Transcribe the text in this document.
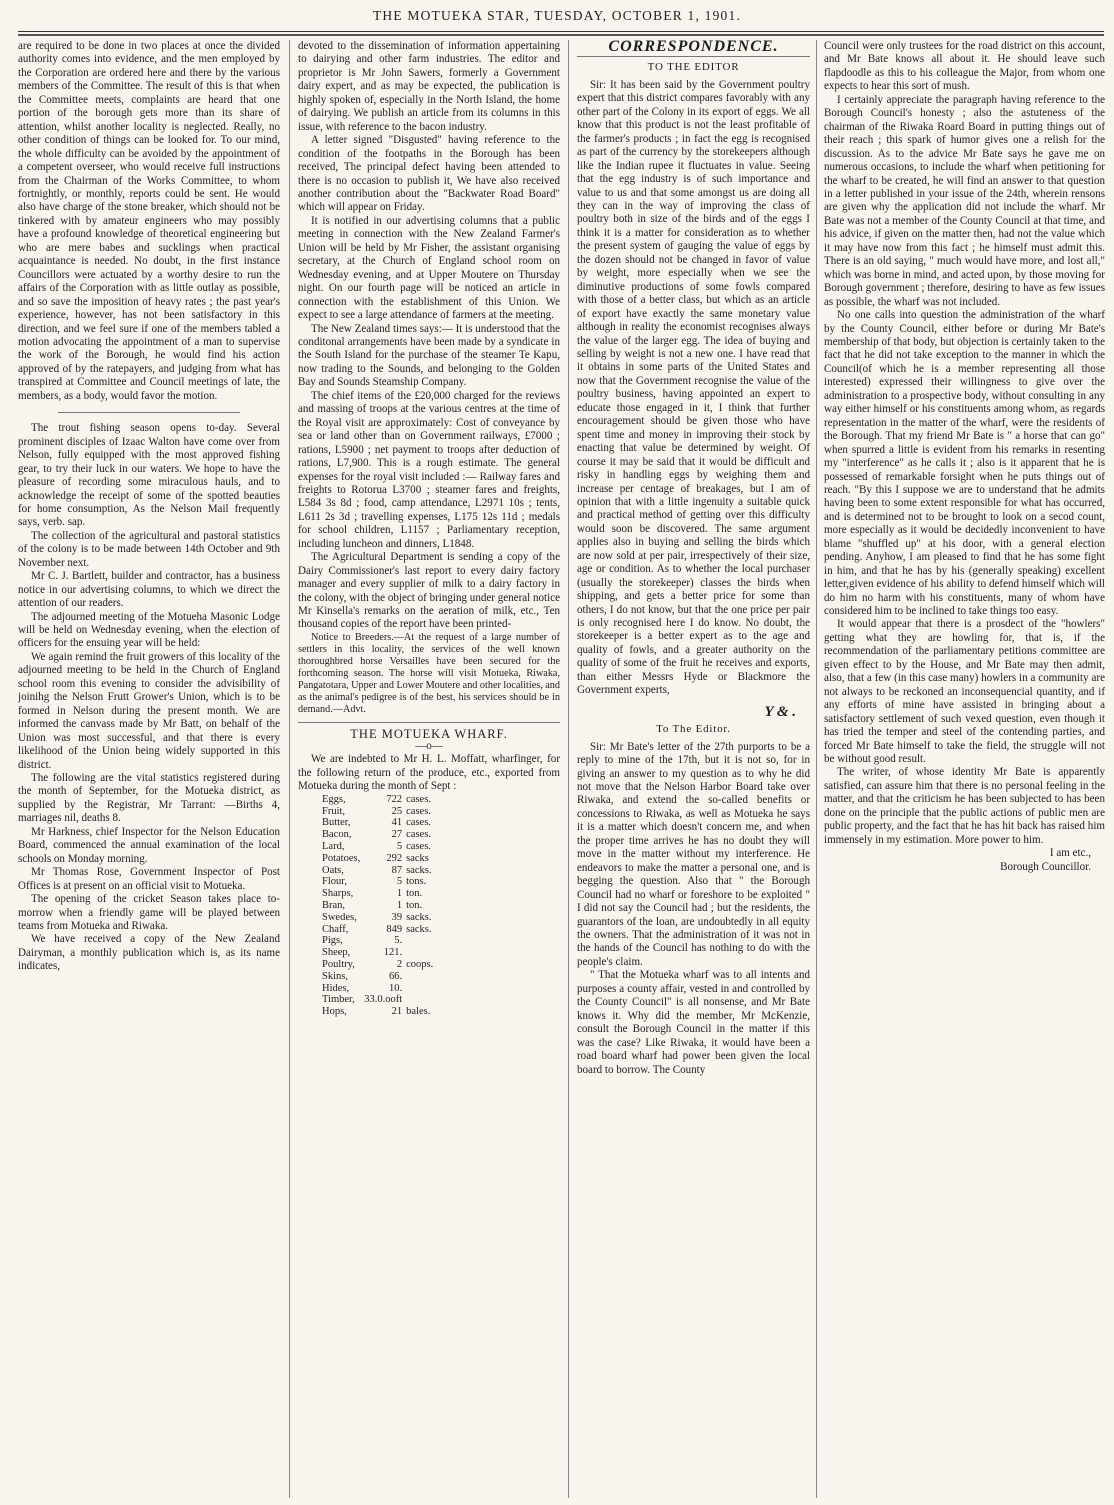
THE MOTUEKA STAR, TUESDAY, OCTOBER 1, 1901.

are required to be done in two places at once the divided authority comes into evidence, and the men employed by the Corporation are ordered here and there by the various members of the Committee. The result of this is that when the Committee meets, complaints are heard that one portion of the borough gets more than its share of attention, whilst another locality is neglected. Really, no other condition of things can be looked for. To our mind, the whole difficulty can be avoided by the appointment of a competent overseer, who would receive full instructions from the Chairman of the Works Committee, to whom fortnightly, or monthly, reports could be sent. He would also have charge of the stone breaker, which should not be tinkered with by amateur engineers who may possibly have a profound knowledge of theoretical engineering but who are mere babes and sucklings when practical acquaintance is needed. No doubt, in the first instance Councillors were actuated by a worthy desire to run the affairs of the Corporation with as little outlay as possible, and so save the imposition of heavy rates ; the past year's experience, however, has not been satisfactory in this direction, and we feel sure if one of the members tabled a motion advocating the appointment of a man to supervise the work of the Borough, he would find his action approved of by the ratepayers, and judging from what has transpired at Committee and Council meetings of late, the members, as a body, would favor the motion.

The trout fishing season opens to-day. Several prominent disciples of Izaac Walton have come over from Nelson, fully equipped with the most approved fishing gear, to try their luck in our waters. We hope to have the pleasure of recording some miraculous hauls, and to acknowledge the receipt of some of the spotted beauties for home consumption, As the Nelson Mail frequently says, verb. sap.

The collection of the agricultural and pastoral statistics of the colony is to be made between 14th October and 9th November next.

Mr C. J. Bartlett, builder and contractor, has a business notice in our advertising columns, to which we direct the attention of our readers.

The adjourned meeting of the Motueha Masonic Lodge will be held on Wednesday evening, when the election of officers for the ensuing year will be held:

We again remind the fruit growers of this locality of the adjourned meeting to be held in the Church of England school room this evening to consider the advisibility of joinihg the Nelson Frutt Grower's Union, which is to be formed in Nelson during the present month. We are informed the canvass made by Mr Batt, on behalf of the Union was most successful, and that there is every likelihood of the Union being widely supported in this district.

The following are the vital statistics registered during the month of September, for the Motueka district, as supplied by the Registrar, Mr Tarrant: —Births 4, marriages nil, deaths 8.

Mr Harkness, chief Inspector for the Nelson Education Board, commenced the annual examination of the local schools on Monday morning.

Mr Thomas Rose, Government Inspector of Post Offices is at present on an official visit to Motueka.

The opening of the cricket Season takes place to-morrow when a friendly game will be played between teams from Motueka and Riwaka.

We have received a copy of the New Zealand Dairyman, a monthly publication which is, as its name indicates,

devoted to the dissemination of information appertaining to dairying and other farm industries. The editor and proprietor is Mr John Sawers, formerly a Government dairy expert, and as may be expected, the publication is highly spoken of, especially in the North Island, the home of dairying. We publish an article from its columns in this issue, with reference to the bacon industry.

A letter signed "Disgusted" having reference to the condition of the footpaths in the Borough has been received, The principal defect having been attended to there is no occasion to publish it, We have also received another contribution about the "Backwater Road Board" which will appear on Friday.

It is notified in our advertising columns that a public meeting in connection with the New Zealand Farmer's Union will be held by Mr Fisher, the assistant organising secretary, at the Church of England school room on Wednesday evening, and at Upper Moutere on Thursday night. On our fourth page will be noticed an article in connection with the establishment of this Union. We expect to see a large attendance of farmers at the meeting.

The New Zealand times says:— It is understood that the conditonal arrangements have been made by a syndicate in the South Island for the purchase of the steamer Te Kapu, now trading to the Sounds, and belonging to the Golden Bay and Sounds Steamship Company.

The chief items of the £20,000 charged for the reviews and massing of troops at the various centres at the time of the Royal visit are approximately: Cost of conveyance by sea or land other than on Government railways, £7000 ; rations, L5900 ; net payment to troops after deduction of rations, L7,900. This is a rough estimate. The general expenses for the royal visit included :— Railway fares and freights to Rotorua L3700 ; steamer fares and freights, L584 3s 8d ; food, camp attendance, L2971 10s ; tents, L611 2s 3d ; travelling expenses, L175 12s 11d ; medals for school children, L1157 ; Parliamentary reception, including luncheon and dinners, L1848.

The Agricultural Department is sending a copy of the Dairy Commissioner's last report to every dairy factory manager and every supplier of milk to a dairy factory in the colony, with the object of bringing under general notice Mr Kinsella's remarks on the aeration of milk, etc., Ten thousand copies of the report have been printed-

Notice to Breeders.—At the request of a large number of settlers in this locality, the services of the well known thoroughbred horse Versailles have been secured for the forthcoming season. The horse will visit Motueka, Riwaka, Pangatotara, Upper and Lower Moutere and other localities, and as the animal's pedigree is of the best, his services should be in demand.—Advt.

THE MOTUEKA WHARF.
—o—

We are indebted to Mr H. L. Moffatt, wharfinger, for the following return of the produce, etc., exported from Motueka during the month of Sept :

Eggs,	722	cases.
Fruit,	25	cases.
Butter,	41	cases.
Bacon,	27	cases.
Lard,	5	cases.
Potatoes,	292	sacks
Oats,	87	sacks.
Flour,	5	tons.
Sharps,	1	ton.
Bran,	1	ton.
Swedes,	39	sacks.
Chaff,	849	sacks.
Pigs,	5.	
Sheep,	121.	
Poultry,	2	coops.
Skins,	66.	
Hides,	10.	
Timber,	33.0.ooft	
Hops,	21	bales.
CORRESPONDENCE.
TO THE EDITOR

Sir: It has been said by the Government poultry expert that this district compares favorably with any other part of the Colony in its export of eggs. We all know that this product is not the least profitable of the farmer's products ; in fact the egg is recognised as part of the currency by the storekeepers although like the Indian rupee it fluctuates in value. Seeing that the egg industry is of such importance and value to us and that some amongst us are doing all they can in the way of improving the class of poultry both in size of the birds and of the eggs I think it is a matter for consideration as to whether the present system of gauging the value of eggs by the dozen should not be changed in favor of value by weight, more especially when we see the diminutive productions of some fowls compared with those of a better class, but which as an article of export have exactly the same monetary value although in reality the economist recognises always the value of the larger egg. The idea of buying and selling by weight is not a new one. I have read that it obtains in some parts of the United States and now that the Government recognise the value of the poultry business, having appointed an expert to educate those engaged in it, I think that further encouragement should be given those who have spent time and money in improving their stock by enacting that value be determined by weight. Of course it may be said that it would be difficult and risky in handling eggs by weighing them and increase per centage of breakages, but I am of opinion that with a little ingenuity a suitable quick and practical method of getting over this difficulty would soon be discovered. The same argument applies also in buying and selling the birds which are now sold at per pair, irrespectively of their size, age or condition. As to whether the local purchaser (usually the storekeeper) classes the birds when shipping, and gets a better price for some than others, I do not know, but that the one price per pair is only recognised here I do know. No doubt, the storekeeper is a better expert as to the age and quality of fowls, and a greater authority on the quality of some of the fruit he receives and exports, than either Messrs Hyde or Blackmore the Government experts,

Y & .
To The Editor.

Sir: Mr Bate's letter of the 27th purports to be a reply to mine of the 17th, but it is not so, for in giving an answer to my question as to why he did not move that the Nelson Harbor Board take over Riwaka, and extend the so-called benefits or concessions to Riwaka, as well as Motueka he says it is a matter which doesn't concern me, and when the proper time arrives he has no doubt they will move in the matter without my interference. He endeavors to make the matter a personal one, and is begging the question. Also that " the Borough Council had no wharf or foreshore to be exploited " I did not say the Council had ; but the residents, the guarantors of the loan, are undoubtedly in all equity the owners. That the administration of it was not in the hands of the Council has nothing to do with the people's claim.

" That the Motueka wharf was to all intents and purposes a county affair, vested in and controlled by the County Council" is all nonsense, and Mr Bate knows it. Why did the member, Mr McKenzie, consult the Borough Council in the matter if this was the case? Like Riwaka, it would have been a road board wharf had power been given the local board to borrow. The County

Council were only trustees for the road district on this account, and Mr Bate knows all about it. He should leave such flapdoodle as this to his colleague the Major, from whom one expects to hear this sort of mush.

I certainly appreciate the paragraph having reference to the Borough Council's honesty ; also the astuteness of the chairman of the Riwaka Roard Board in putting things out of their reach ; this spark of humor gives one a relish for the discussion. As to the advice Mr Bate says he gave me on numerous occasions, to include the wharf when petitioning for the wharf to be created, he will find an answer to that question in a letter published in your issue of the 24th, wherein rensons are given why the application did not include the wharf. Mr Bate was not a member of the County Council at that time, and his advice, if given on the matter then, had not the value which it may have now from this fact ; he himself must admit this. There is an old saying, " much would have more, and lost all," which was borne in mind, and acted upon, by those moving for Borough government ; therefore, desiring to have as few issues as possible, the wharf was not included.

No one calls into question the administration of the wharf by the County Council, either before or during Mr Bate's membership of that body, but objection is certainly taken to the fact that he did not take exception to the manner in which the Council(of which he is a member representing all those interested) expressed their willingness to give over the administration to a prospective body, without consulting in any way either himself or his constituents among whom, as regards representation in the matter of the wharf, were the residents of the Borough. That my friend Mr Bate is " a horse that can go" when spurred a little is evident from his remarks in resenting my "interference" as he calls it ; also is it apparent that he is possessed of remarkable forsight when he puts things out of reach. "By this I suppose we are to understand that he admits having been to some extent responsible for what has occurred, and is determined not to be brought to look on a secod count, more especially as it would be decidedly inconvenient to have blame "shuffled up" at his door, with a general election pending. Anyhow, I am pleased to find that he has some fight in him, and that he has by his (generally speaking) excellent letter,given evidence of his ability to defend himself which will do him no harm with his constituents, many of whom have considered him to be inclined to take things too easy.

It would appear that there is a prosdect of the "howlers" getting what they are howling for, that is, if the recommendation of the parliamentary petitions committee are given effect to by the House, and Mr Bate may then admit, also, that a few (in this case many) howlers in a community are not always to be reckoned an inconsequencial quantity, and if any efforts of mine have assisted in bringing about a satisfactory settlement of such vexed question, even though it has tried the temper and steel of the contending parties, and forced Mr Bate himself to take the field, the struggle will not be without good result.

The writer, of whose identity Mr Bate is apparently satisfied, can assure him that there is no personal feeling in the matter, and that the criticism he has been subjected to has been done on the principle that the public actions of public men are public property, and the fact that he has hit back has raised him immensely in my estimation. More power to him.

I am etc.,
Borough Councillor.
